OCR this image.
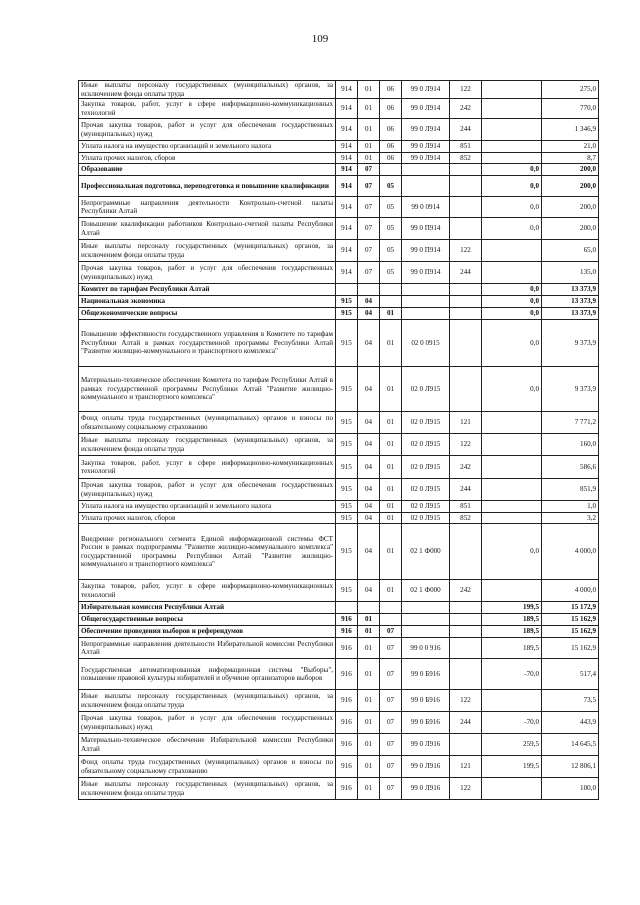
109
Иные выплаты персоналу государственных (муниципальных) органов, за исключением фонда оплаты труда	914	01	06	99 0 Л914	122		275,0
Закупка товаров, работ, услуг в сфере информационно-коммуникационных технологий	914	01	06	99 0 Л914	242		770,0
Прочая закупка товаров, работ и услуг для обеспечения государственных (муниципальных) нужд	914	01	06	99 0 Л914	244		1 346,9
Уплата налога на имущество организаций и земельного налога	914	01	06	99 0 Л914	851		21,0
Уплата прочих налогов, сборов	914	01	06	99 0 Л914	852		8,7
Образование	914	07				0,0	200,0
Профессиональная подготовка, переподготовка и повышение квалификации	914	07	05			0,0	200,0
Непрограммные направления деятельности Контрольно-счетной палаты Республики Алтай	914	07	05	99 0 0914		0,0	200,0
Повышение квалификации работников Контрольно-счетной палаты Республики Алтай	914	07	05	99 0 П914		0,0	200,0
Иные выплаты персоналу государственных (муниципальных) органов, за исключением фонда оплаты труда	914	07	05	99 0 П914	122		65,0
Прочая закупка товаров, работ и услуг для обеспечения государственных (муниципальных) нужд	914	07	05	99 0 П914	244		135,0
Комитет по тарифам Республики Алтай						0,0	13 373,9
Национальная экономика	915	04				0,0	13 373,9
Общеэкономические вопросы	915	04	01			0,0	13 373,9
Повышение эффективности государственного управления в Комитете по тарифам Республики Алтай в рамках государственной программы Республики Алтай "Развитие жилищно-коммунального и транспортного комплекса"	915	04	01	02 0 0915		0,0	9 373,9
Материально-техническое обеспечение Комитета по тарифам Республики Алтай в рамках государственной программы Республики Алтай "Развитие жилищно-коммунального и транспортного комплекса"	915	04	01	02 0 Л915		0,0	9 373,9
Фонд оплаты труда государственных (муниципальных) органов и взносы по обязательному социальному страхованию	915	04	01	02 0 Л915	121		7 771,2
Иные выплаты персоналу государственных (муниципальных) органов, за исключением фонда оплаты труда	915	04	01	02 0 Л915	122		160,0
Закупка товаров, работ, услуг в сфере информационно-коммуникационных технологий	915	04	01	02 0 Л915	242		586,6
Прочая закупка товаров, работ и услуг для обеспечения государственных (муниципальных) нужд	915	04	01	02 0 Л915	244		851,9
Уплата налога на имущество организаций и земельного налога	915	04	01	02 0 Л915	851		1,0
Уплата прочих налогов, сборов	915	04	01	02 0 Л915	852		3,2
Внедрение регионального сегмента Единой информационной системы ФСТ России в рамках подпрограммы "Развитие жилищно-коммунального комплекса" государственной программы Республики Алтай "Развитие жилищно-коммунального и транспортного комплекса"	915	04	01	02 1 Ф000		0,0	4 000,0
Закупка товаров, работ, услуг в сфере информационно-коммуникационных технологий	915	04	01	02 1 Ф000	242		4 000,0
Избирательная комиссия Республики Алтай						199,5	15 172,9
Общегосударственные вопросы	916	01				189,5	15 162,9
Обеспечение проведения выборов и референдумов	916	01	07			189,5	15 162,9
Непрограммные направления деятельности Избирательной комиссии Республики Алтай	916	01	07	99 0 0 916		189,5	15 162,9
Государственная автоматизированная информационная система "Выборы", повышение правовой культуры избирателей и обучение организаторов выборов	916	01	07	99 0 Б916		-70,0	517,4
Иные выплаты персоналу государственных (муниципальных) органов, за исключением фонда оплаты труда	916	01	07	99 0 Б916	122		73,5
Прочая закупка товаров, работ и услуг для обеспечения государственных (муниципальных) нужд	916	01	07	99 0 Б916	244	-70,0	443,9
Материально-техническое обеспечение Избирательной комиссии Республики Алтай	916	01	07	99 0 Л916		259,5	14 645,5
Фонд оплаты труда государственных (муниципальных) органов и взносы по обязательному социальному страхованию	916	01	07	99 0 Л916	121	199,5	12 806,1
Иные выплаты персоналу государственных (муниципальных) органов, за исключением фонда оплаты труда	916	01	07	99 0 Л916	122		100,0
